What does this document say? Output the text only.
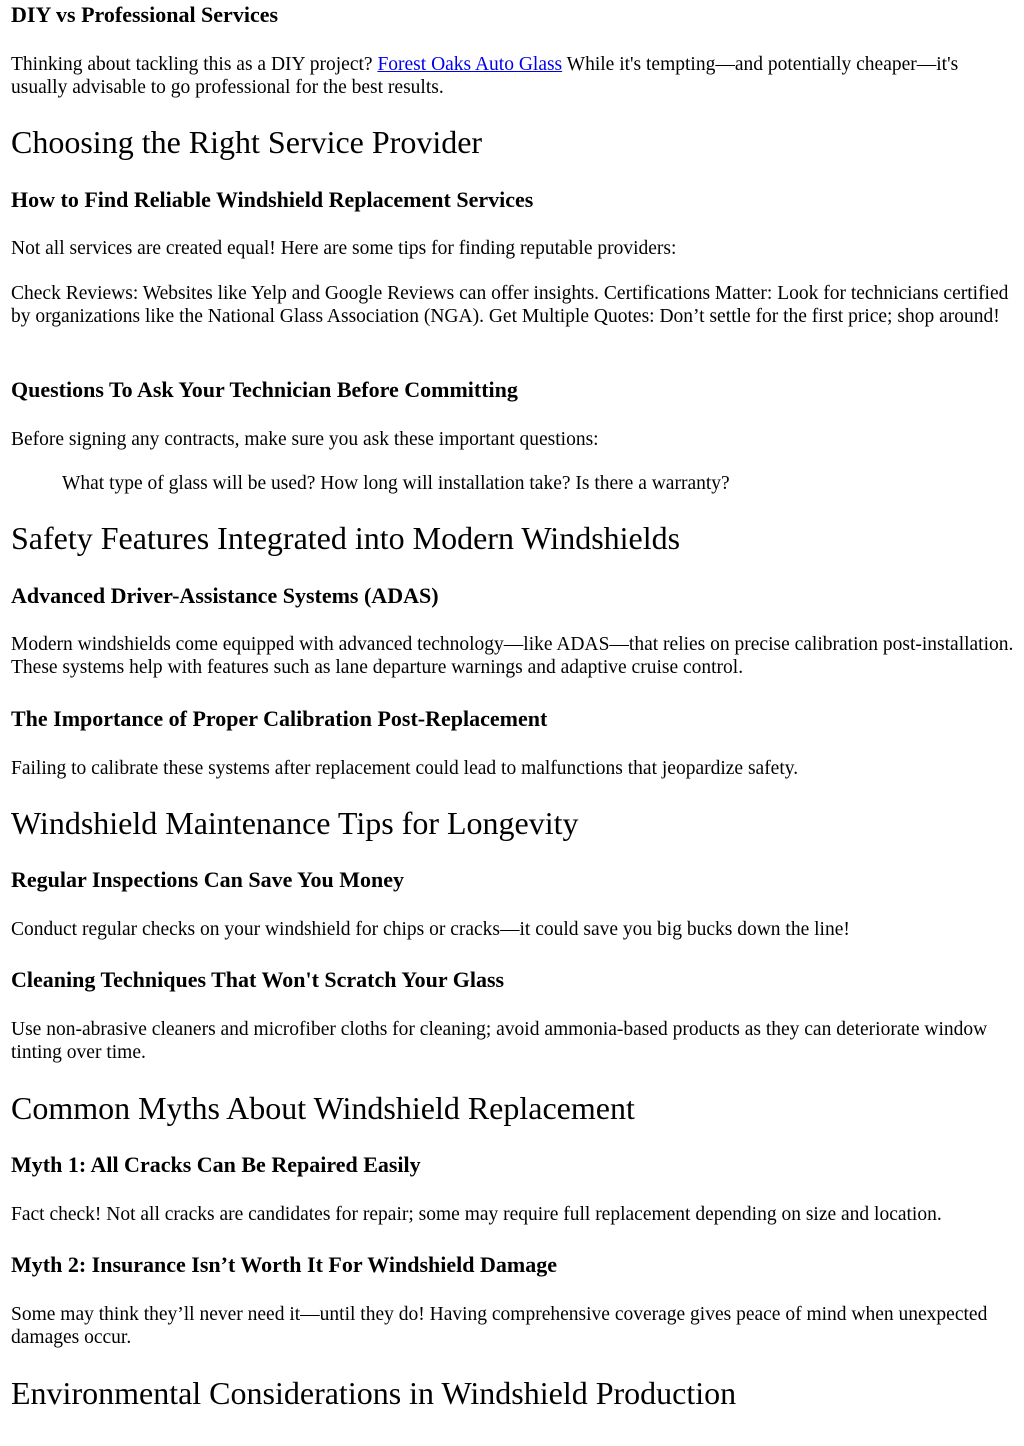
DIY vs Professional Services

Thinking about tackling this as a DIY project? Forest Oaks Auto Glass While it's tempting—and potentially cheaper—it's usually advisable to go professional for the best results.

Choosing the Right Service Provider
How to Find Reliable Windshield Replacement Services

Not all services are created equal! Here are some tips for finding reputable providers:

Check Reviews: Websites like Yelp and Google Reviews can offer insights. Certifications Matter: Look for technicians certified by organizations like the National Glass Association (NGA). Get Multiple Quotes: Don’t settle for the first price; shop around!

Questions To Ask Your Technician Before Committing

Before signing any contracts, make sure you ask these important questions:

What type of glass will be used? How long will installation take? Is there a warranty?

Safety Features Integrated into Modern Windshields
Advanced Driver-Assistance Systems (ADAS)

Modern windshields come equipped with advanced technology—like ADAS—that relies on precise calibration post-installation. These systems help with features such as lane departure warnings and adaptive cruise control.

The Importance of Proper Calibration Post-Replacement

Failing to calibrate these systems after replacement could lead to malfunctions that jeopardize safety.

Windshield Maintenance Tips for Longevity
Regular Inspections Can Save You Money

Conduct regular checks on your windshield for chips or cracks—it could save you big bucks down the line!

Cleaning Techniques That Won't Scratch Your Glass

Use non-abrasive cleaners and microfiber cloths for cleaning; avoid ammonia-based products as they can deteriorate window tinting over time.

Common Myths About Windshield Replacement
Myth 1: All Cracks Can Be Repaired Easily

Fact check! Not all cracks are candidates for repair; some may require full replacement depending on size and location.

Myth 2: Insurance Isn’t Worth It For Windshield Damage

Some may think they’ll never need it—until they do! Having comprehensive coverage gives peace of mind when unexpected damages occur.

Environmental Considerations in Windshield Production
